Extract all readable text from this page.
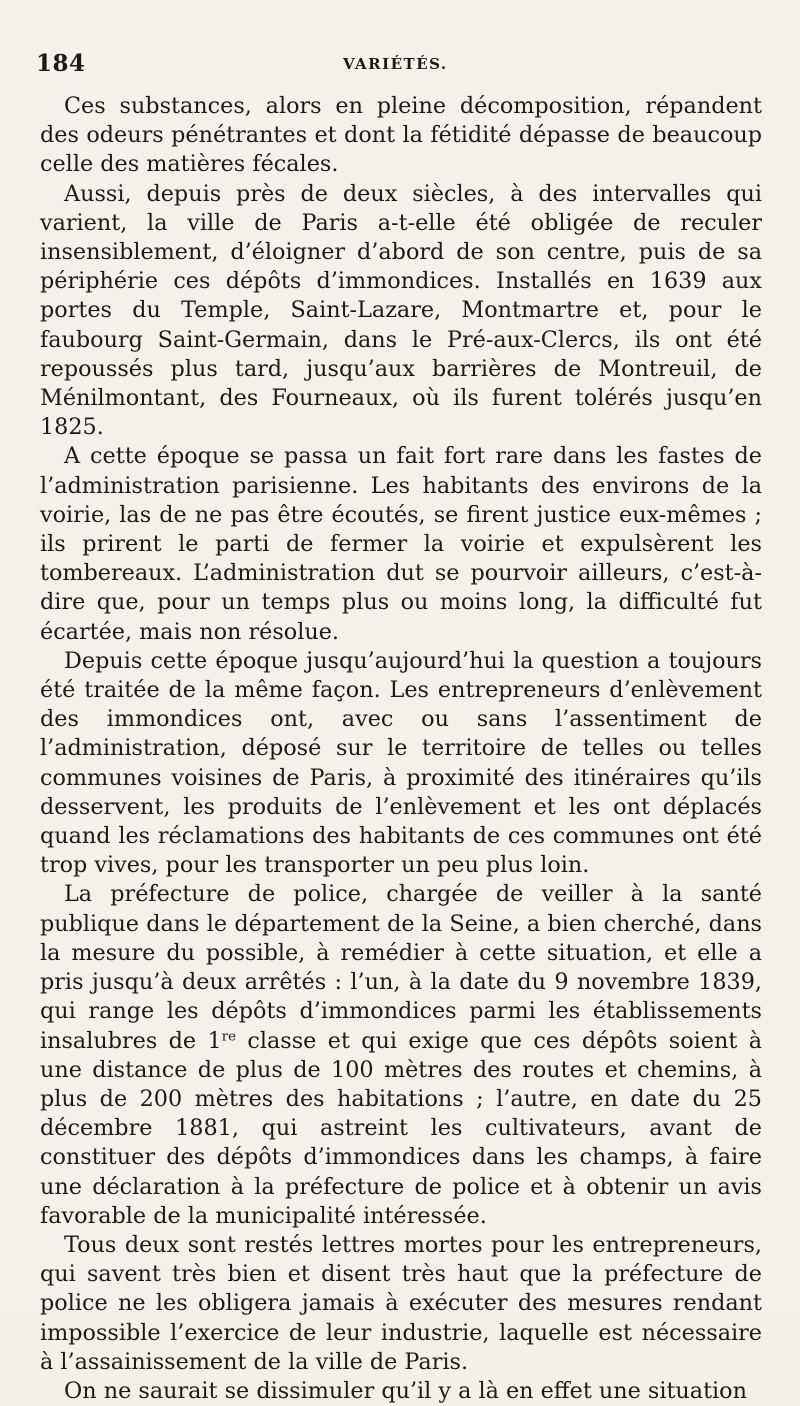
184	VARIÉTÉS.

Ces substances, alors en pleine décomposition, répandent des odeurs pénétrantes et dont la fétidité dépasse de beaucoup celle des matières fécales.

Aussi, depuis près de deux siècles, à des intervalles qui varient, la ville de Paris a-t-elle été obligée de reculer insensiblement, d’éloigner d’abord de son centre, puis de sa périphérie ces dépôts d’immondices. Installés en 1639 aux portes du Temple, Saint-Lazare, Montmartre et, pour le faubourg Saint-Germain, dans le Pré-aux-Clercs, ils ont été repoussés plus tard, jusqu’aux barrières de Montreuil, de Ménilmontant, des Fourneaux, où ils furent tolérés jusqu’en 1825.

A cette époque se passa un fait fort rare dans les fastes de l’administration parisienne. Les habitants des environs de la voirie, las de ne pas être écoutés, se firent justice eux-mêmes ; ils prirent le parti de fermer la voirie et expulsèrent les tombereaux. L’administration dut se pourvoir ailleurs, c’est-à-dire que, pour un temps plus ou moins long, la difficulté fut écartée, mais non résolue.

Depuis cette époque jusqu’aujourd’hui la question a toujours été traitée de la même façon. Les entrepreneurs d’enlèvement des immondices ont, avec ou sans l’assentiment de l’administration, déposé sur le territoire de telles ou telles communes voisines de Paris, à proximité des itinéraires qu’ils desservent, les produits de l’enlèvement et les ont déplacés quand les réclamations des habitants de ces communes ont été trop vives, pour les transporter un peu plus loin.

La préfecture de police, chargée de veiller à la santé publique dans le département de la Seine, a bien cherché, dans la mesure du possible, à remédier à cette situation, et elle a pris jusqu’à deux arrêtés : l’un, à la date du 9 novembre 1839, qui range les dépôts d’immondices parmi les établissements insalubres de 1re classe et qui exige que ces dépôts soient à une distance de plus de 100 mètres des routes et chemins, à plus de 200 mètres des habitations ; l’autre, en date du 25 décembre 1881, qui astreint les cultivateurs, avant de constituer des dépôts d’immondices dans les champs, à faire une déclaration à la préfecture de police et à obtenir un avis favorable de la municipalité intéressée.

Tous deux sont restés lettres mortes pour les entrepreneurs, qui savent très bien et disent très haut que la préfecture de police ne les obligera jamais à exécuter des mesures rendant impossible l’exercice de leur industrie, laquelle est nécessaire à l’assainissement de la ville de Paris.

On ne saurait se dissimuler qu’il y a là en effet une situation
